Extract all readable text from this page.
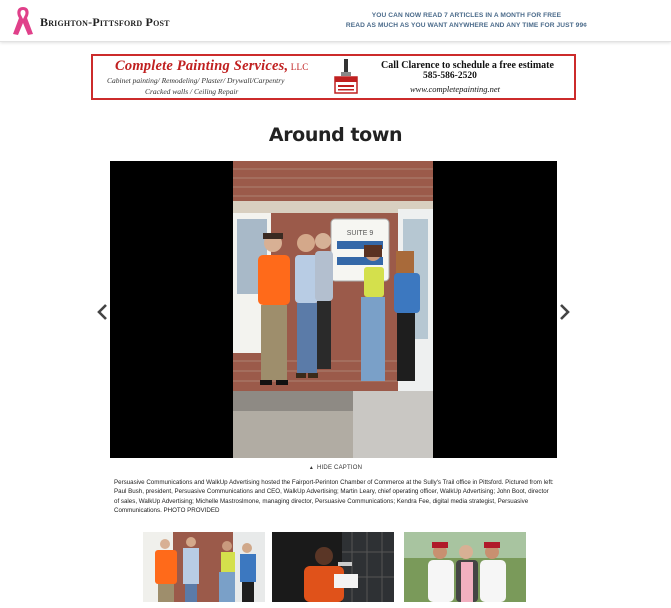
Brighton-Pittsford Post	YOU CAN NOW READ 7 ARTICLES IN A MONTH FOR FREE
READ AS MUCH AS YOU WANT ANYWHERE AND ANY TIME FOR JUST 99¢
Complete Painting Services, LLC
Cabinet painting/ Remodeling/ Plaster/ Drywall/Carpentry
Cracked walls / Ceiling Repair
Call Clarence to schedule a free estimate
585-586-2520
www.completepainting.net
Around town
SUITE 9
▲ HIDE CAPTION
Persuasive Communications and WalkUp Advertising hosted the Fairport-Perinton Chamber of Commerce at the Sully's Trail office in Pittsford. Pictured from left: Paul Bush, president, Persuasive Communications and CEO, WalkUp Advertising; Martin Leary, chief operating officer, WalkUp Advertising; John Boot, director of sales, WalkUp Advertising; Michelle Mastroslmone, managing director, Persuasive Communications; Kendra Fee, digital media strategist, Persuasive Communications. PHOTO PROVIDED
